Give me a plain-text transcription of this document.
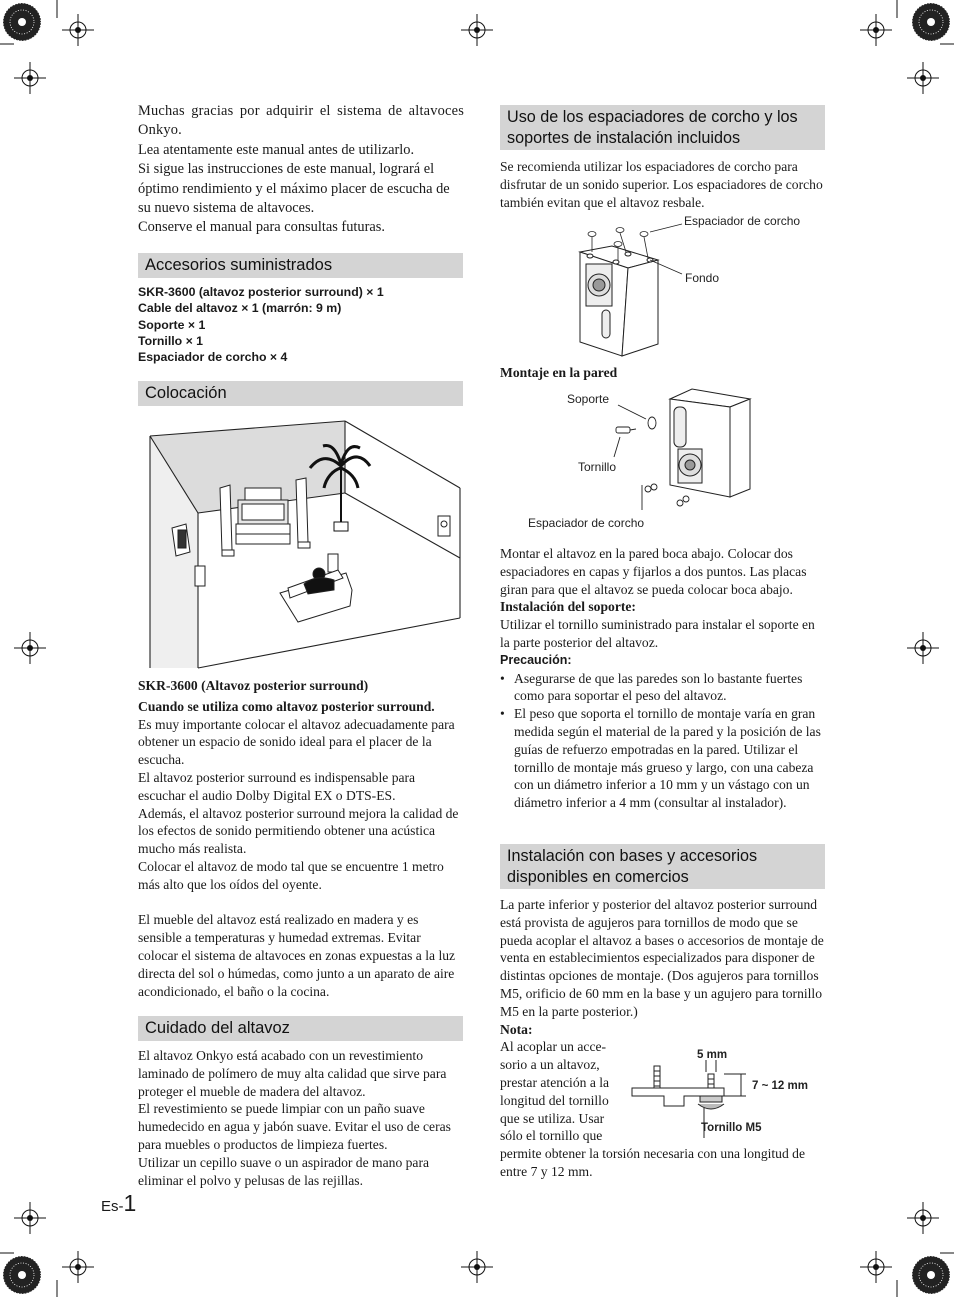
Muchas gracias por adquirir el sistema de altavoces Onkyo.

Lea atentamente este manual antes de utilizarlo.

Si sigue las instrucciones de este manual, logrará el óptimo rendimiento y el máximo placer de escucha de su nuevo sistema de altavoces.

Conserve el manual para consultas futuras.

Accesorios suministrados
SKR-3600 (altavoz posterior surround) × 1
Cable del altavoz × 1 (marrón: 9 m)
Soporte × 1
Tornillo × 1
Espaciador de corcho × 4
Colocación

SKR-3600 (Altavoz posterior surround)

Cuando se utiliza como altavoz posterior surround.

Es muy importante colocar el altavoz adecuadamente para obtener un espacio de sonido ideal para el placer de la escucha.

El altavoz posterior surround es indispensable para escuchar el audio Dolby Digital EX o DTS-ES.

Además, el altavoz posterior surround mejora la calidad de los efectos de sonido permitiendo obtener una acústica mucho más realista.

Colocar el altavoz de modo tal que se encuentre 1 metro más alto que los oídos del oyente.

El mueble del altavoz está realizado en madera y es sensible a temperaturas y humedad extremas. Evitar colocar el sistema de altavoces en zonas expuestas a la luz directa del sol o húmedas, como junto a un aparato de aire acondicionado, el baño o la cocina.

Cuidado del altavoz

El altavoz Onkyo está acabado con un revestimiento laminado de polímero de muy alta calidad que sirve para proteger el mueble de madera del altavoz.

El revestimiento se puede limpiar con un paño suave humedecido en agua y jabón suave. Evitar el uso de ceras para muebles o productos de limpieza fuertes.

Utilizar un cepillo suave o un aspirador de mano para eliminar el polvo y pelusas de las rejillas.

Es-1
Uso de los espaciadores de corcho y los soportes de instalación incluidos

Se recomienda utilizar los espaciadores de corcho para disfrutar de un sonido superior. Los espaciadores de corcho también evitan que el altavoz resbale.

Espaciador de corcho
Fondo
Montaje en la pared
Soporte
Tornillo
Espaciador de corcho

Montar el altavoz en la pared boca abajo. Colocar dos espaciadores en capas y fijarlos a dos puntos. Las placas giran para que el altavoz se pueda colocar boca abajo.

Instalación del soporte:

Utilizar el tornillo suministrado para instalar el soporte en la parte posterior del altavoz.

Precaución:

• Asegurarse de que las paredes son lo bastante fuertes como para soportar el peso del altavoz.
• El peso que soporta el tornillo de montaje varía en gran medida según el material de la pared y la posición de las guías de refuerzo empotradas en la pared. Utilizar el tornillo de montaje más grueso y largo, con una cabeza con un diámetro inferior a 10 mm y un vástago con un diámetro inferior a 4 mm (consultar al instalador).
Instalación con bases y accesorios disponibles en comercios

La parte inferior y posterior del altavoz posterior surround está provista de agujeros para tornillos de modo que se pueda acoplar el altavoz a bases o accesorios de montaje de venta en establecimientos especializados para disponer de distintas opciones de montaje. (Dos agujeros para tornillos M5, orificio de 60 mm en la base y un agujero para tornillo M5 en la parte posterior.)

Nota:

Al acoplar un acce-
sorio a un altavoz,
prestar atención a la
longitud del tornillo
que se utiliza. Usar
sólo el tornillo que

permite obtener la torsión necesaria con una longitud de entre 7 y 12 mm.

5 mm
7 ~ 12 mm
Tornillo M5
